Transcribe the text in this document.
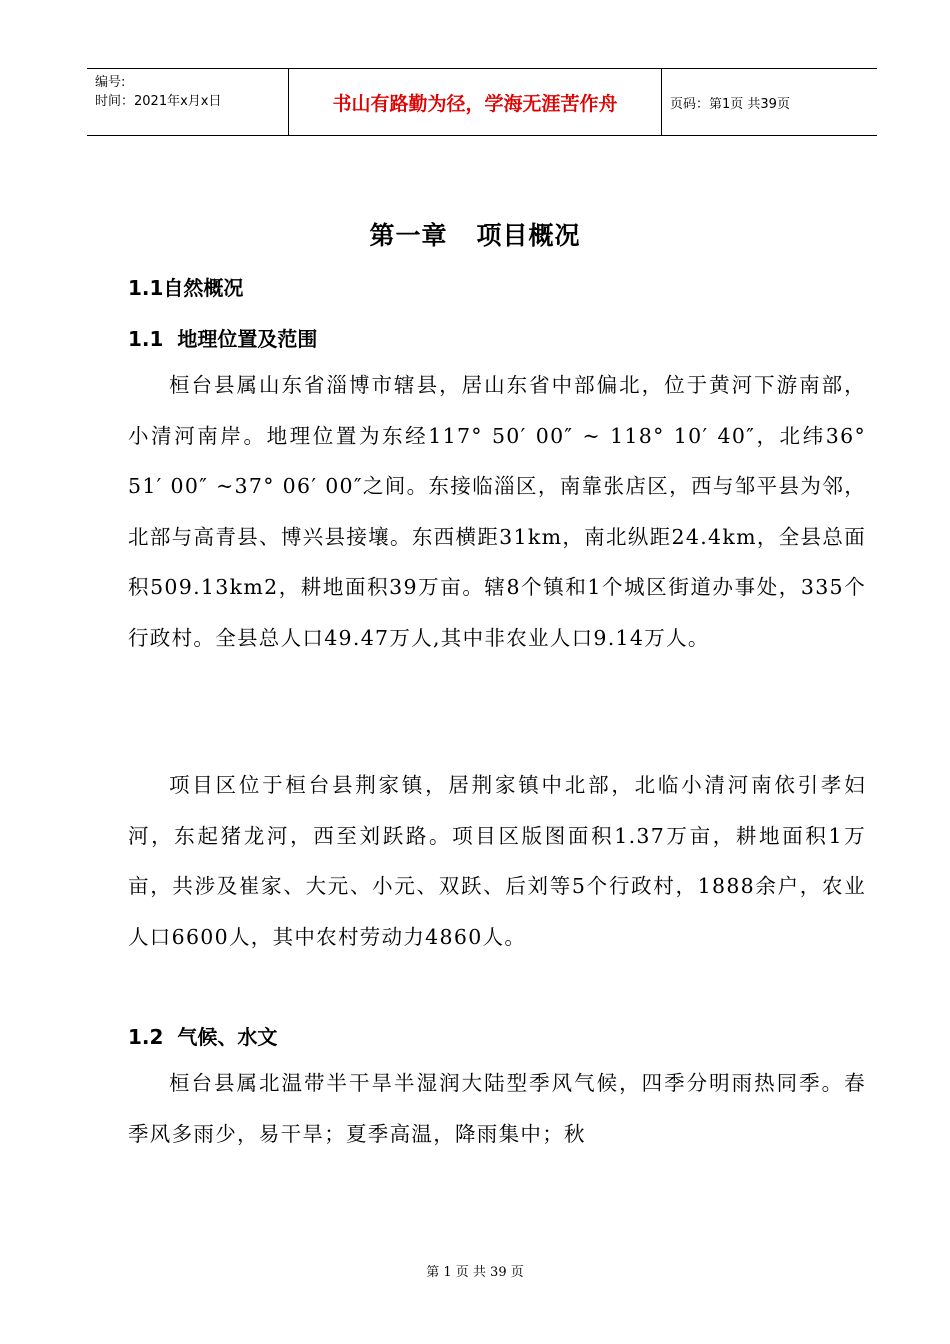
编号:
时间：2021年x月x日	书山有路勤为径，学海无涯苦作舟	页码：第1页 共39页
第一章   项目概况
1.1自然概况
1.1  地理位置及范围

桓台县属山东省淄博市辖县，居山东省中部偏北，位于黄河下游南部，小清河南岸。地理位置为东经117° 50′ 00″ ~ 118° 10′ 40″，北纬36° 51′ 00″ ~37° 06′ 00″之间。东接临淄区，南靠张店区，西与邹平县为邻，北部与高青县、博兴县接壤。东西横距31km，南北纵距24.4km，全县总面积509.13km2，耕地面积39万亩。辖8个镇和1个城区街道办事处，335个行政村。全县总人口49.47万人,其中非农业人口9.14万人。

项目区位于桓台县荆家镇，居荆家镇中北部，北临小清河南依引孝妇河，东起猪龙河，西至刘跃路。项目区版图面积1.37万亩，耕地面积1万亩，共涉及崔家、大元、小元、双跃、后刘等5个行政村，1888余户，农业人口6600人，其中农村劳动力4860人。

1.2  气候、水文

桓台县属北温带半干旱半湿润大陆型季风气候，四季分明雨热同季。春季风多雨少，易干旱；夏季高温，降雨集中；秋

第 1 页 共 39 页
